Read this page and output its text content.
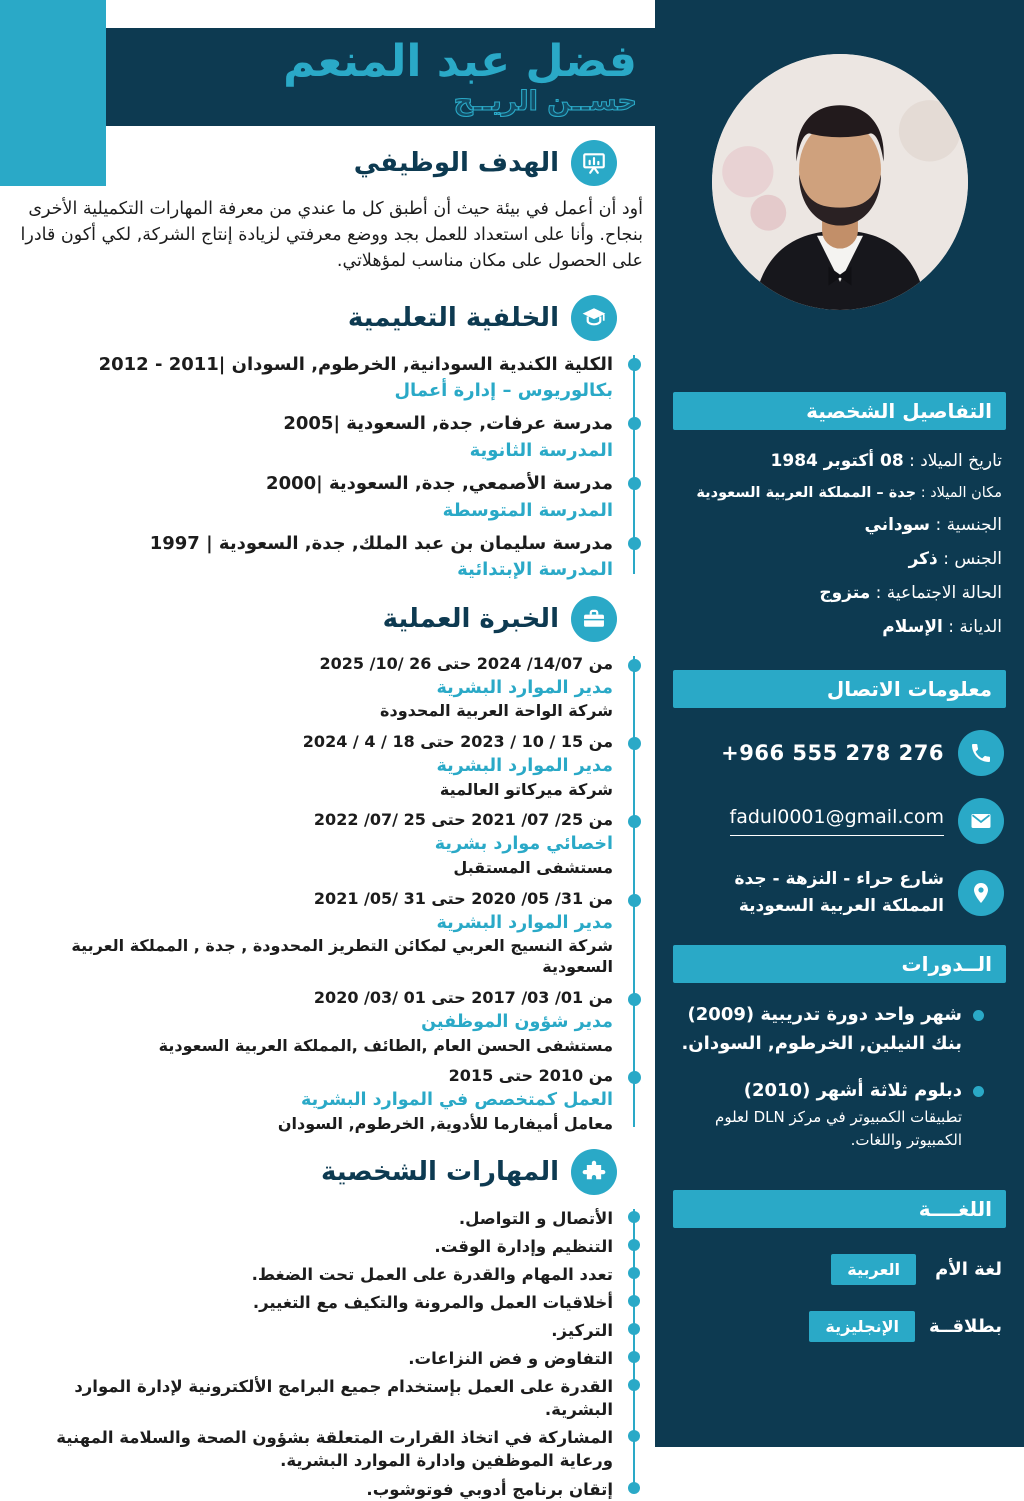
التفاصيل الشخصية
تاريخ الميلاد : 08 أكتوبر 1984
مكان الميلاد : جدة – المملكة العربية السعودية
الجنسية : سوداني
الجنس : ذكر
الحالة الاجتماعية : متزوج
الديانة : الإسلام
معلومات الاتصال
+966 555 278 276
fadul0001@gmail.com
شارع حراء - النزهة - جدة
المملكة العربية السعودية
الــدورات
شهر واحد دورة تدريبية (2009)
بنك النيلين, الخرطوم, السودان.
دبلوم ثلاثة أشهر (2010)
تطبيقات الكمبيوتر في مركز DLN لعلوم الكمبيوتر واللغات.
اللغــــة
لغة الأم
العربية
بطلاقــة
الإنجليزية
فضل عبد المنعم
حســن الريــح
الهدف الوظيفي

أود أن أعمل في بيئة حيث أن أطبق كل ما عندي من معرفة المهارات التكميلية الأخرى بنجاح. وأنا على استعداد للعمل بجد ووضع معرفتي لزيادة إنتاج الشركة, لكي أكون قادرا على الحصول على مكان مناسب لمؤهلاتي.

الخلفية التعليمية
الكلية الكندية السودانية, الخرطوم, السودان |2011 - 2012
بكالوريوس – إدارة أعمال
مدرسة عرفات, جدة, السعودية |2005
المدرسة الثانوية
مدرسة الأصمعي, جدة, السعودية |2000
المدرسة المتوسطة
مدرسة سليمان بن عبد الملك, جدة, السعودية | 1997
المدرسة الإبتدائية
الخبرة العملية
من 14/07/ 2024 حتى 26 /10/ 2025
مدير الموارد البشرية
شركة الواحة العربية المحدودة
من 15 / 10 / 2023 حتى 18 / 4 / 2024
مدير الموارد البشرية
شركة ميركاتو العالمية
من 25/ 07/ 2021 حتى 25 /07/ 2022
اخصائي موارد بشرية
مستشفى المستقبل
من 31/ 05/ 2020 حتى 31 /05/ 2021
مدير الموارد البشرية
شركة النسيج العربي لمكائن التطريز المحدودة , جدة , المملكة العربية السعودية
من 01/ 03/ 2017 حتى 01 /03/ 2020
مدير شؤون الموظفين
مستشفى الحسن العام ,الطائف ,المملكة العربية السعودية
من 2010 حتى 2015
العمل كمتخصص في الموارد البشرية
معامل أميفارما للأدوية, الخرطوم, السودان
المهارات الشخصية
الأتصال و التواصل.
التنظيم وإدارة الوقت.
تعدد المهام والقدرة على العمل تحت الضغط.
أخلاقيات العمل والمرونة والتكيف مع التغيير.
التركيز.
التفاوض و فض النزاعات.
القدرة على العمل بإستخدام جميع البرامج الألكترونية لإدارة الموارد البشرية.
المشاركة في اتخاذ القرارت المتعلقة بشؤون الصحة والسلامة المهنية ورعاية الموظفين وادارة الموارد البشرية.
إتقان برنامج أدوبي فوتوشوب.
